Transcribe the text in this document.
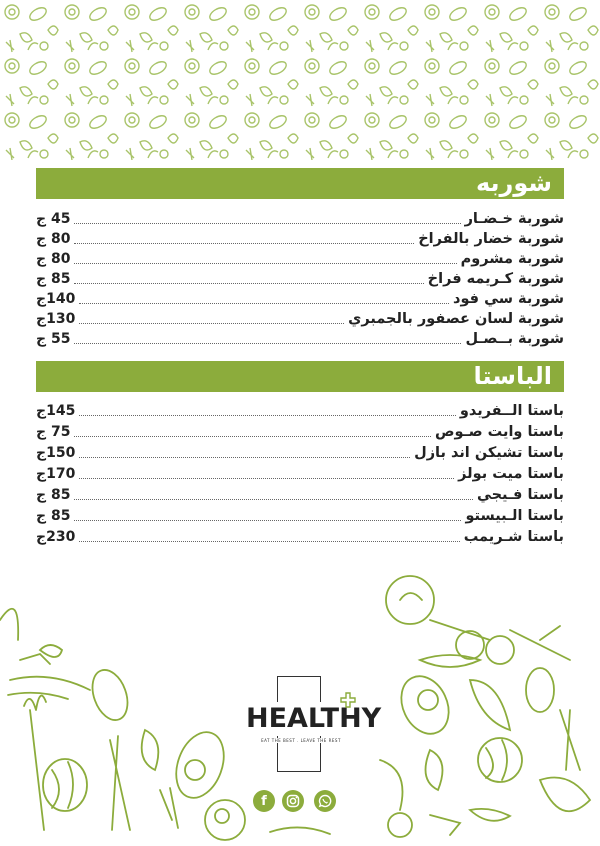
شوربه
شوربة خـضـار
45 ج
شوربة خضار بالفراخ
80 ج
شوربة مشروم
80 ج
شوربة كـريمه فراخ
85 ج
شوربة سي فود
140ج
شوربة لسان عصفور بالجمبري
130ج
شوربة بــصـل
55 ج
الباستا
باستا الــفريدو
145ج
باستا وايت صـوص
75 ج
باستا تشيكن اند بازل
150ج
باستا ميت بولز
170ج
باستا فـيجي
85 ج
باستا الـبيستو
85 ج
باستا شـريمب
230ج
HEALTHY
EAT THE BEST . LEAVE THE REST
f
